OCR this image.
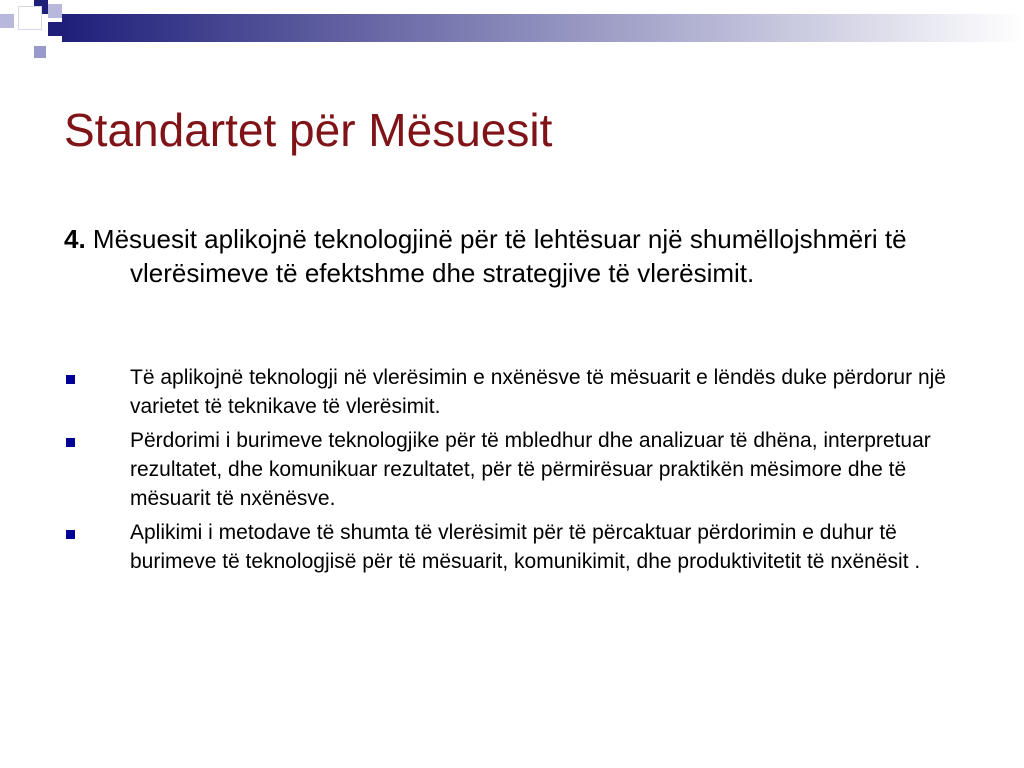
Standartet për Mësuesit

4. Mësuesit aplikojnë teknologjinë për të lehtësuar një shumëllojshmëri të vlerësimeve të efektshme dhe strategjive të vlerësimit.

Të aplikojnë teknologji në vlerësimin e nxënësve të mësuarit e lëndës duke përdorur një varietet të teknikave të vlerësimit.
Përdorimi i burimeve teknologjike për të mbledhur dhe analizuar të dhëna, interpretuar rezultatet, dhe komunikuar rezultatet, për të përmirësuar praktikën mësimore dhe të mësuarit të nxënësve.
Aplikimi i metodave të shumta të vlerësimit për të përcaktuar përdorimin e duhur të burimeve të teknologjisë për të mësuarit, komunikimit, dhe produktivitetit të nxënësit .
